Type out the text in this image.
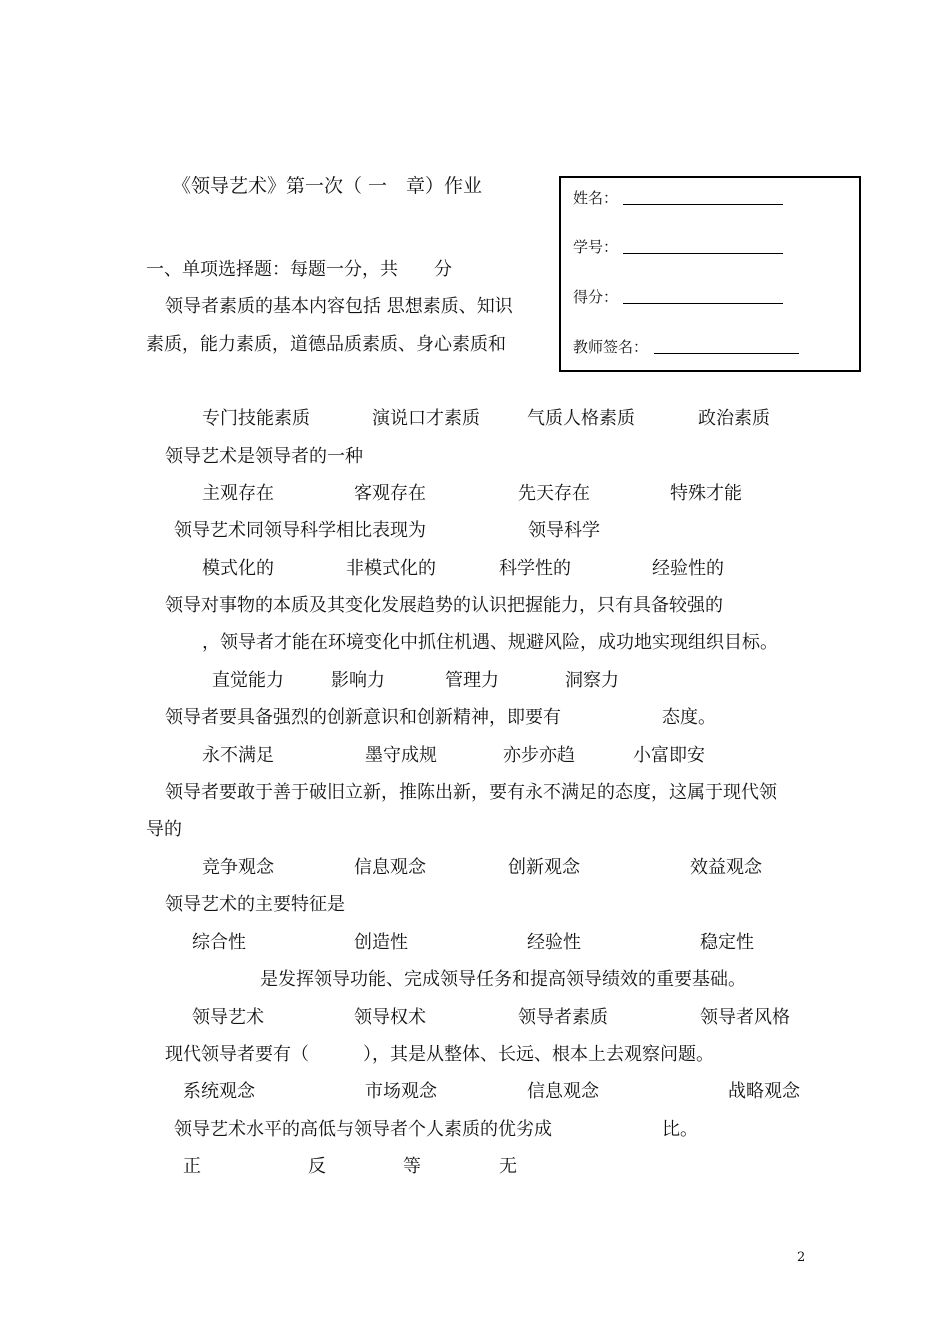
《领导艺术》第一次（ 一　章）作业
姓名：
学号：
得分：
教师签名：
一、单项选择题：每题一分，共　　分
领导者素质的基本内容包括 思想素质、知识
素质，能力素质，道德品质素质、身心素质和
专门技能素质	演说口才素质	气质人格素质	政治素质
领导艺术是领导者的一种
主观存在	客观存在	先天存在	特殊才能
领导艺术同领导科学相比表现为	领导科学
模式化的	非模式化的	科学性的	经验性的
领导对事物的本质及其变化发展趋势的认识把握能力，只有具备较强的
，领导者才能在环境变化中抓住机遇、规避风险，成功地实现组织目标。
直觉能力	影响力	管理力	洞察力
领导者要具备强烈的创新意识和创新精神，即要有	态度。
永不满足	墨守成规	亦步亦趋	小富即安
领导者要敢于善于破旧立新，推陈出新，要有永不满足的态度，这属于现代领
导的
竞争观念	信息观念	创新观念	效益观念
领导艺术的主要特征是
综合性	创造性	经验性	稳定性
是发挥领导功能、完成领导任务和提高领导绩效的重要基础。
领导艺术	领导权术	领导者素质	领导者风格
现代领导者要有（　　　），其是从整体、长远、根本上去观察问题。
系统观念	市场观念	信息观念	战略观念
领导艺术水平的高低与领导者个人素质的优劣成	比。
正	反	等	无
2
